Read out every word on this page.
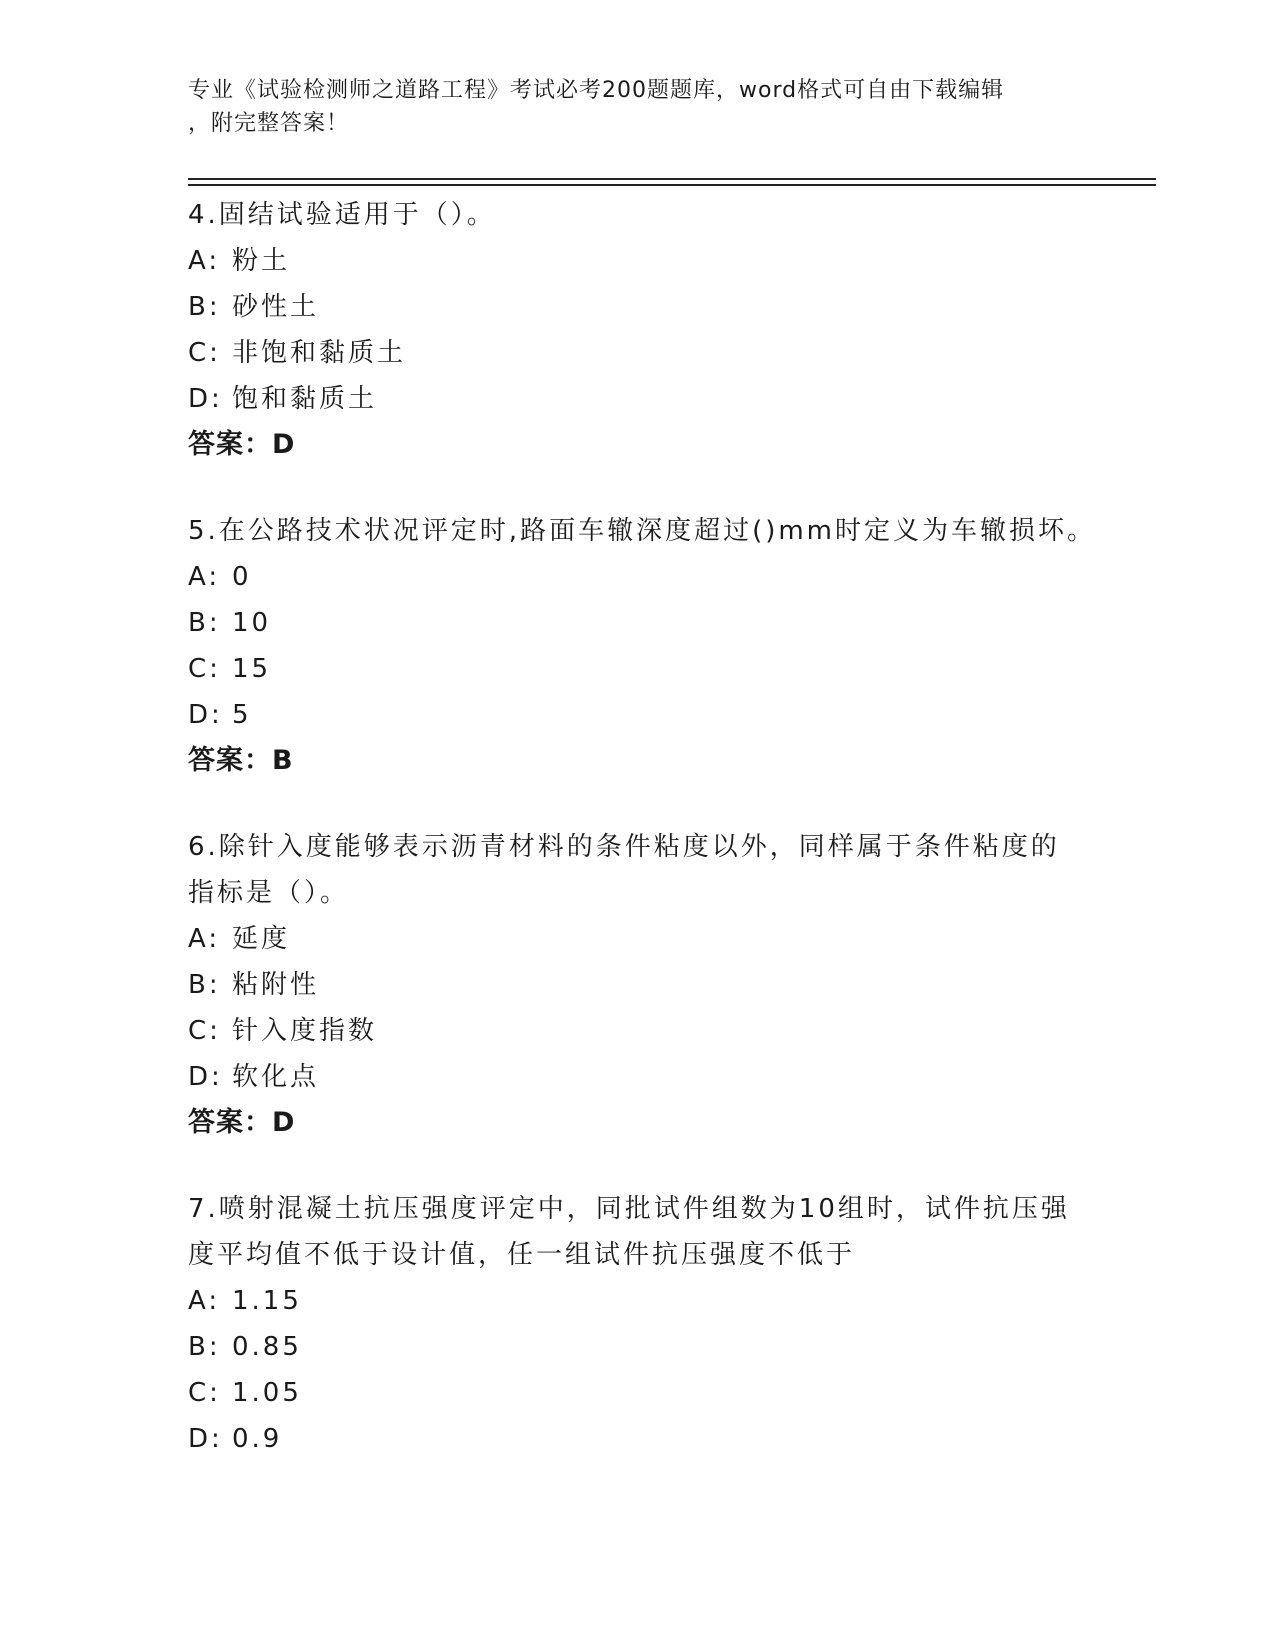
专业《试验检测师之道路工程》考试必考200题题库，word格式可自由下载编辑
，附完整答案！
4.固结试验适用于（）。
A: 粉土
B: 砂性土
C: 非饱和黏质土
D: 饱和黏质土
答案：D
5.在公路技术状况评定时,路面车辙深度超过()mm时定义为车辙损坏。
A: 0
B: 10
C: 15
D: 5
答案：B
6.除针入度能够表示沥青材料的条件粘度以外，同样属于条件粘度的
指标是（）。
A: 延度
B: 粘附性
C: 针入度指数
D: 软化点
答案：D
7.喷射混凝土抗压强度评定中，同批试件组数为10组时，试件抗压强
度平均值不低于设计值，任一组试件抗压强度不低于
A: 1.15
B: 0.85
C: 1.05
D: 0.9
